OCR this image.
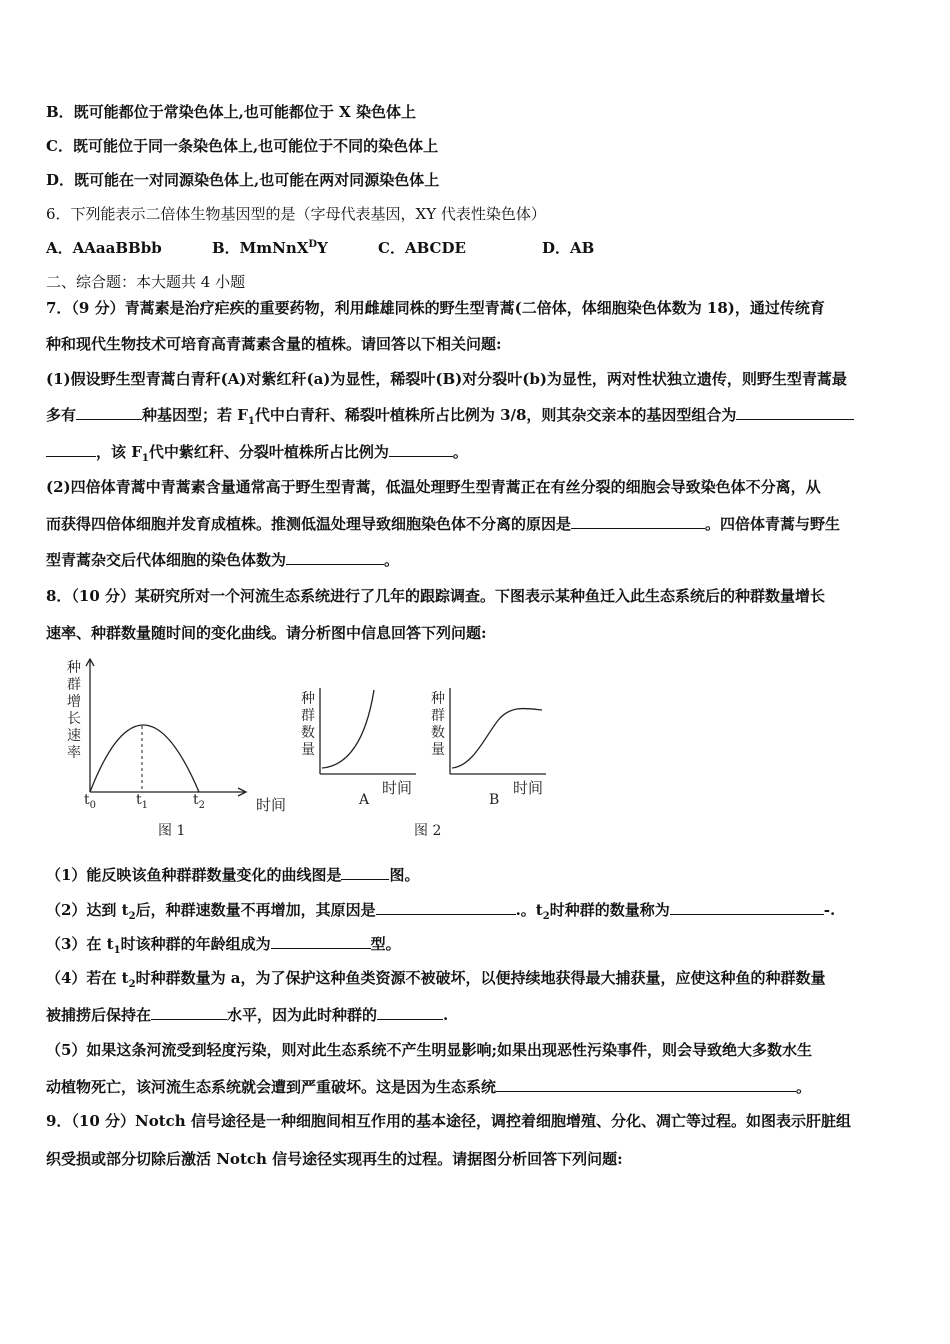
B．既可能都位于常染色体上,也可能都位于 X 染色体上
C．既可能位于同一条染色体上,也可能位于不同的染色体上
D．既可能在一对同源染色体上,也可能在两对同源染色体上
6．下列能表示二倍体生物基因型的是（字母代表基因，XY 代表性染色体）
A．AAaaBBbb	B．MmNnX$^D$Y	C．ABCDE	D．AB
二、综合题：本大题共 4 小题
7．（9 分）青蒿素是治疗疟疾的重要药物，利用雌雄同株的野生型青蒿(二倍体，体细胞染色体数为 18)，通过传统育
种和现代生物技术可培育高青蒿素含量的植株。请回答以下相关问题:
(1)假设野生型青蒿白青秆(A)对紫红秆(a)为显性，稀裂叶(B)对分裂叶(b)为显性，两对性状独立遗传，则野生型青蒿最
多有	种基因型；若 $F_1$代中白青秆、稀裂叶植株所占比例为 3/8，则其杂交亲本的基因型组合为
，该 $F_1$代中紫红秆、分裂叶植株所占比例为	。
(2)四倍体青蒿中青蒿素含量通常高于野生型青蒿，低温处理野生型青蒿正在有丝分裂的细胞会导致染色体不分离，从
而获得四倍体细胞并发育成植株。推测低温处理导致细胞染色体不分离的原因是	。四倍体青蒿与野生
型青蒿杂交后代体细胞的染色体数为	。
8．（10 分）某研究所对一个河流生态系统进行了几年的跟踪调查。下图表示某种鱼迁入此生态系统后的种群数量增长
速率、种群数量随时间的变化曲线。请分析图中信息回答下列问题:
种
群
增
长
速
率
$t_0$	$t_1$	$t_2$	时间
图 1
种
群
数
量
时间
A
种
群
数
量
时间
B
图 2
（1）能反映该鱼种群群数量变化的曲线图是	图。
（2）达到 $t_2$后，种群速数量不再增加，其原因是	.。$t_2$时种群的数量称为	-.
（3）在 $t_1$时该种群的年龄组成为	型。
（4）若在 $t_2$时种群数量为 a，为了保护这种鱼类资源不被破坏，以便持续地获得最大捕获量，应使这种鱼的种群数量
被捕捞后保持在	水平，因为此时种群的	.
（5）如果这条河流受到轻度污染，则对此生态系统不产生明显影响;如果出现恶性污染事件，则会导致绝大多数水生
动植物死亡，该河流生态系统就会遭到严重破坏。这是因为生态系统	。
9．（10 分）Notch 信号途径是一种细胞间相互作用的基本途径，调控着细胞增殖、分化、凋亡等过程。如图表示肝脏组
织受损或部分切除后激活 Notch 信号途径实现再生的过程。请据图分析回答下列问题:
